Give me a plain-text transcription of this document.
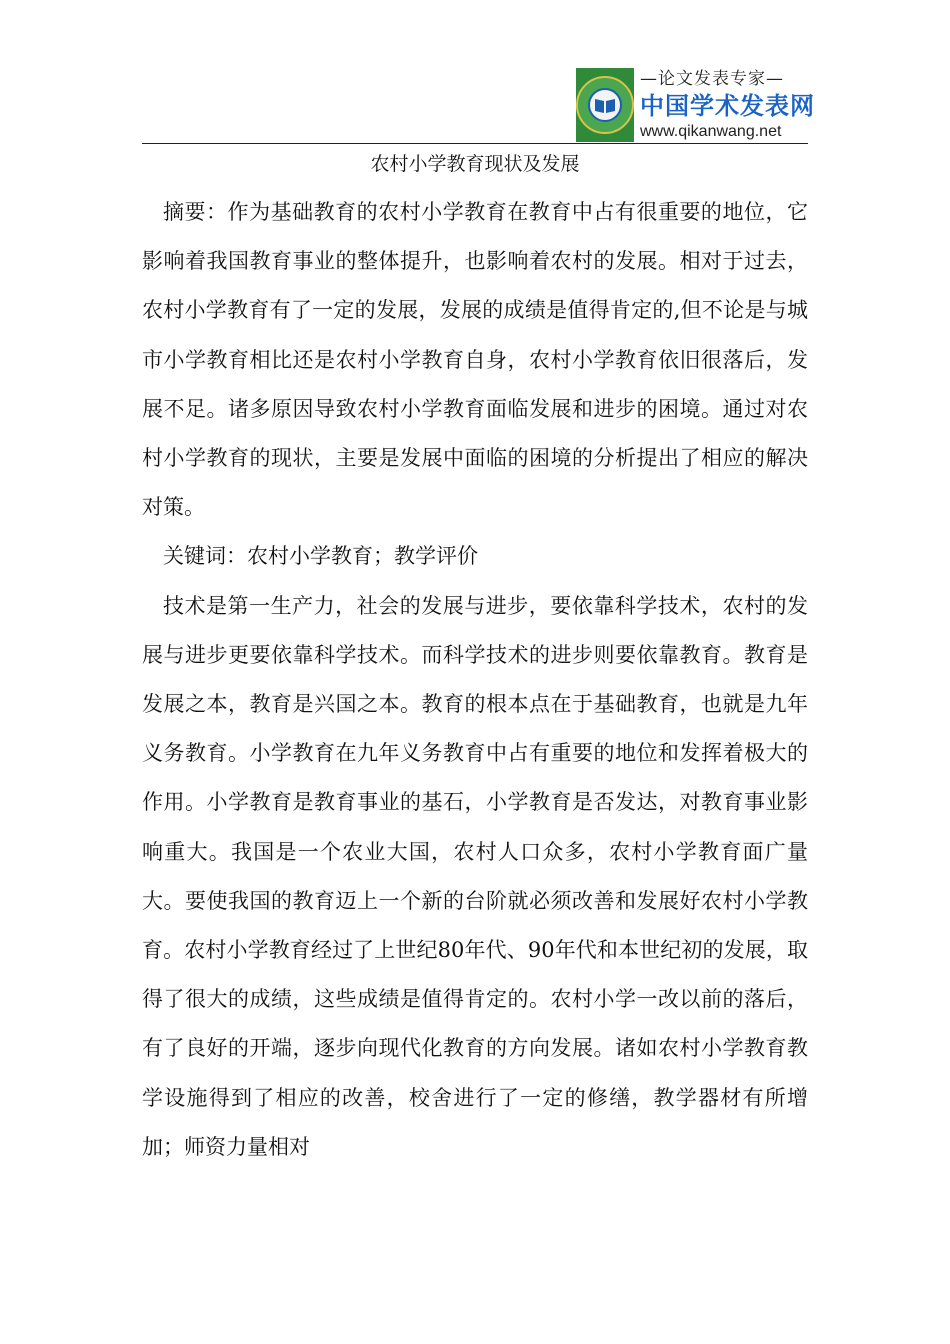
—论文发表专家—
中国学术发表网
www.qikanwang.net
农村小学教育现状及发展

摘要：作为基础教育的农村小学教育在教育中占有很重要的地位，它影响着我国教育事业的整体提升，也影响着农村的发展。相对于过去，农村小学教育有了一定的发展，发展的成绩是值得肯定的,但不论是与城市小学教育相比还是农村小学教育自身，农村小学教育依旧很落后，发展不足。诸多原因导致农村小学教育面临发展和进步的困境。通过对农村小学教育的现状，主要是发展中面临的困境的分析提出了相应的解决对策。

关键词：农村小学教育；教学评价

技术是第一生产力，社会的发展与进步，要依靠科学技术，农村的发展与进步更要依靠科学技术。而科学技术的进步则要依靠教育。教育是发展之本，教育是兴国之本。教育的根本点在于基础教育，也就是九年义务教育。小学教育在九年义务教育中占有重要的地位和发挥着极大的作用。小学教育是教育事业的基石，小学教育是否发达，对教育事业影响重大。我国是一个农业大国，农村人口众多，农村小学教育面广量大。要使我国的教育迈上一个新的台阶就必须改善和发展好农村小学教育。农村小学教育经过了上世纪80年代、90年代和本世纪初的发展，取得了很大的成绩，这些成绩是值得肯定的。农村小学一改以前的落后，有了良好的开端，逐步向现代化教育的方向发展。诸如农村小学教育教学设施得到了相应的改善，校舍进行了一定的修缮，教学器材有所增加；师资力量相对
